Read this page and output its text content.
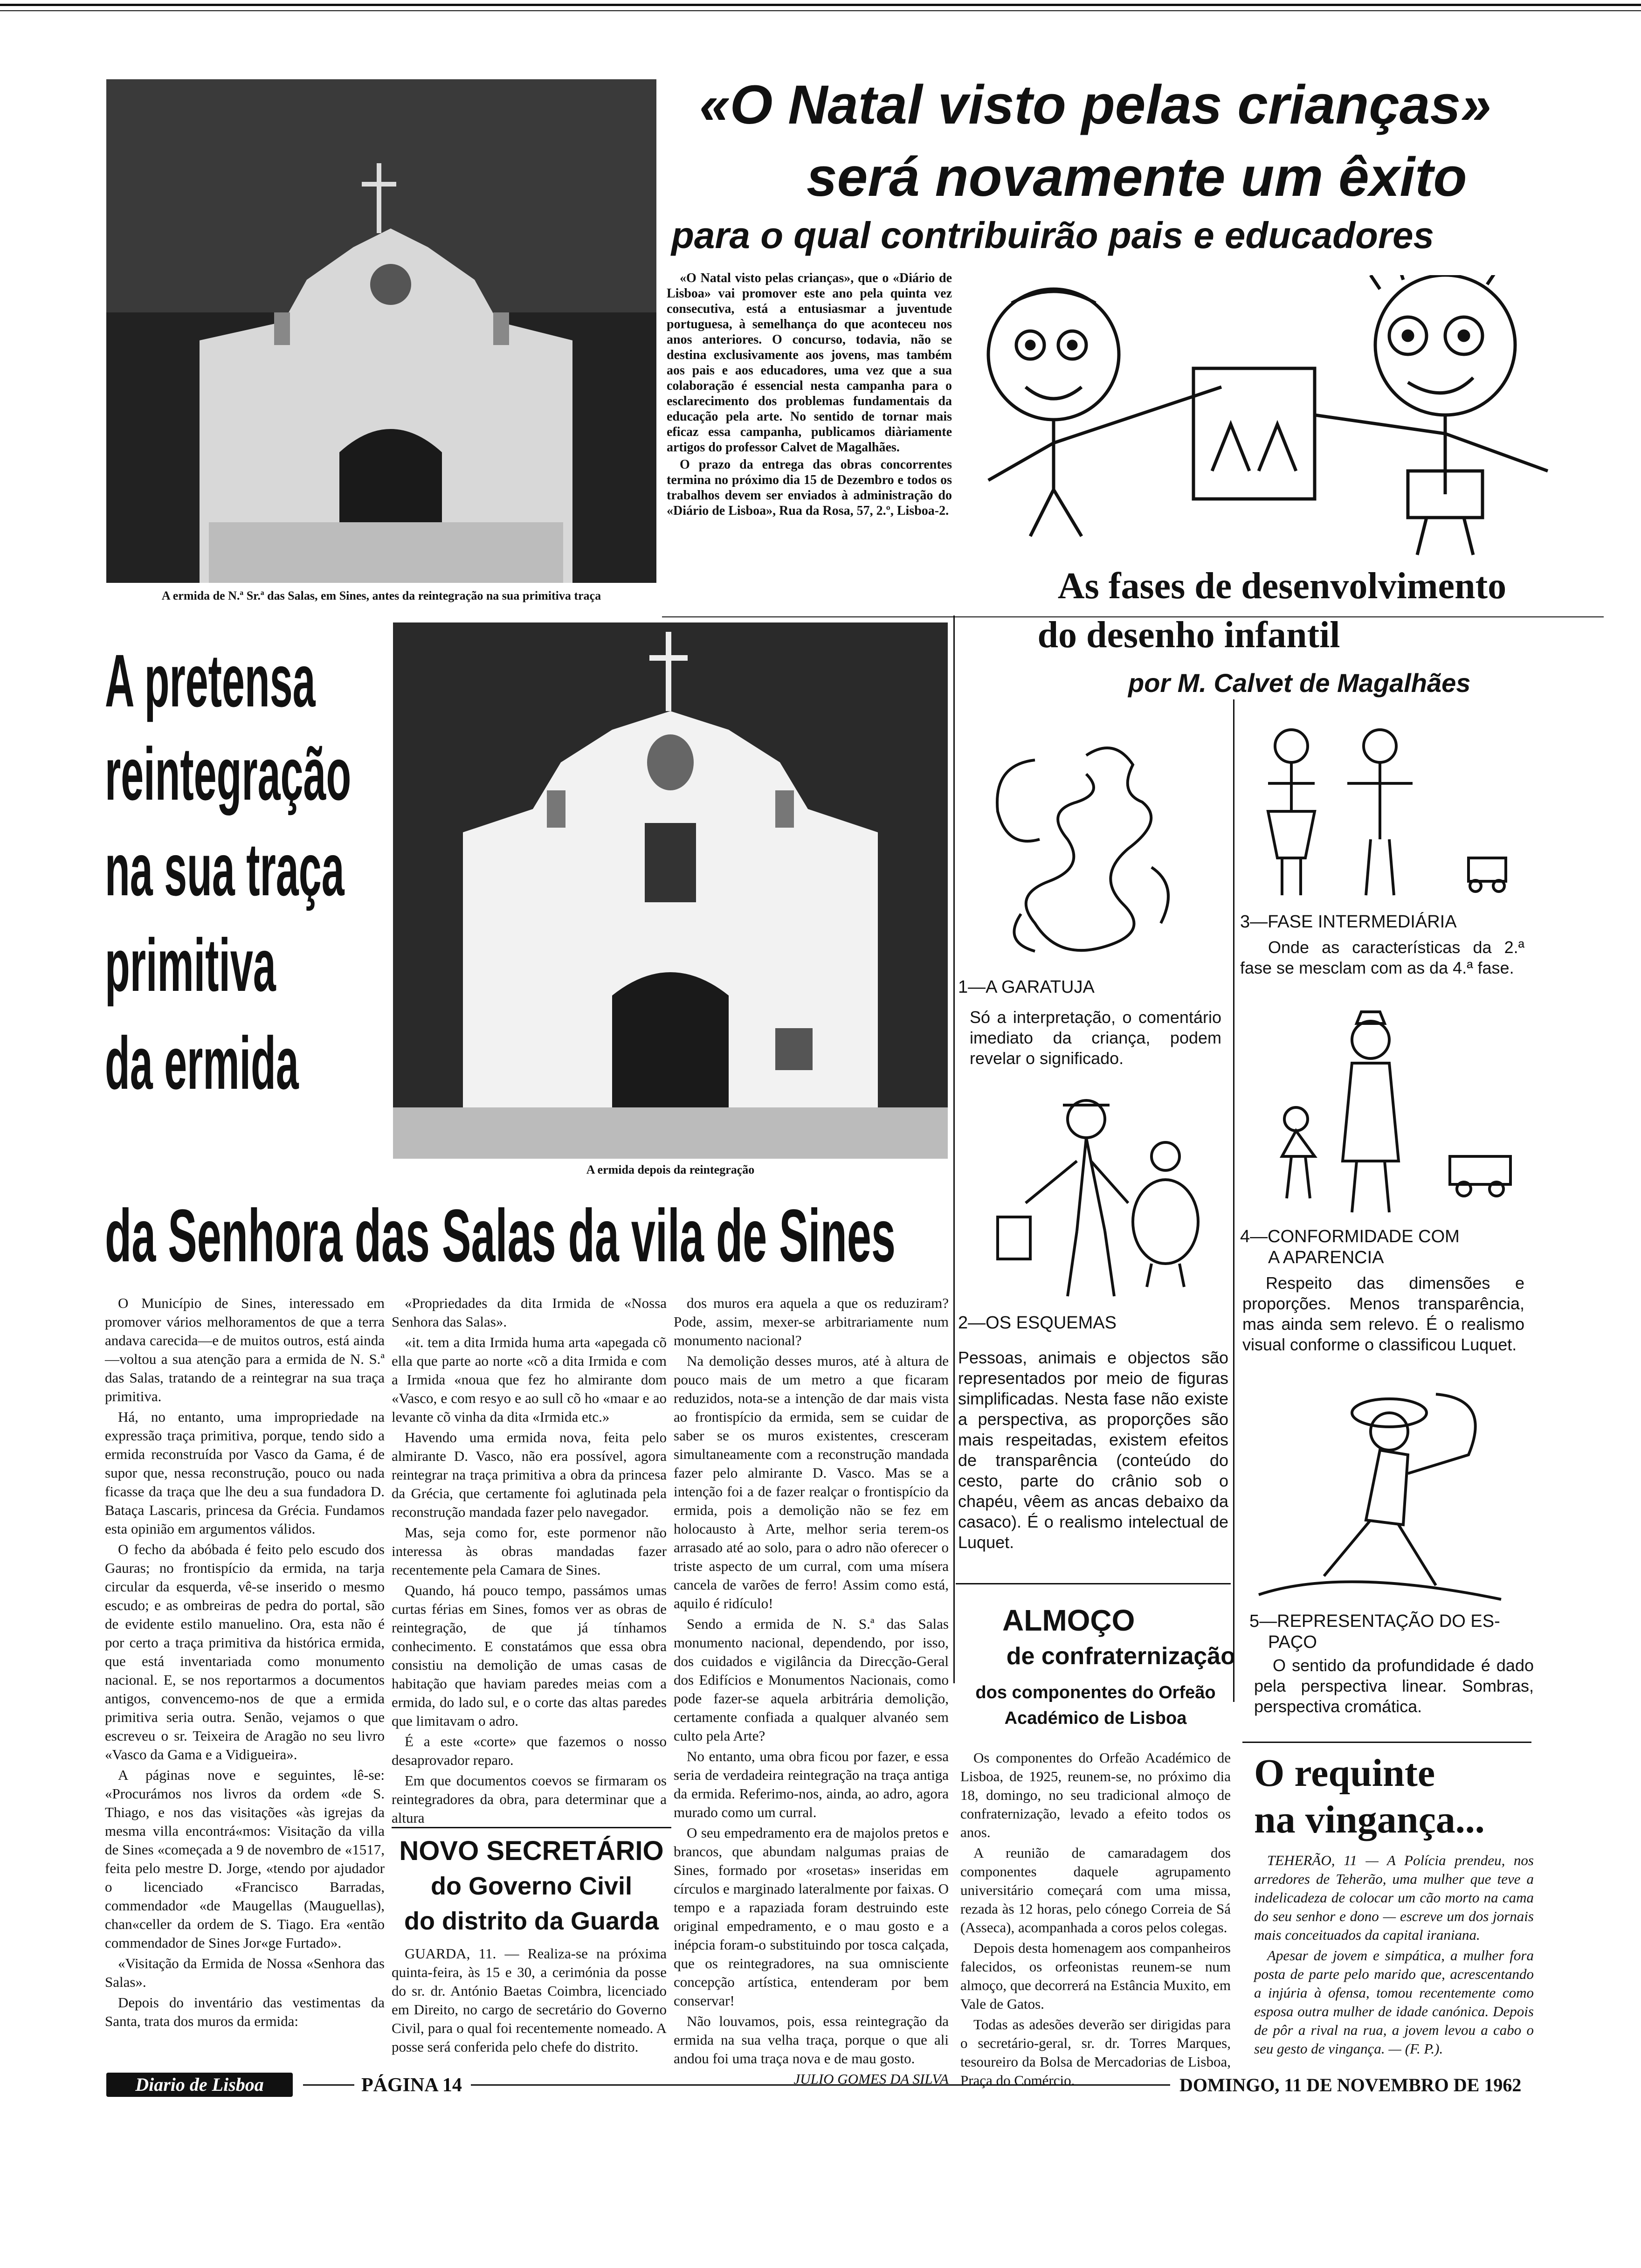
A ermida de N.ª Sr.ª das Salas, em Sines, antes da reintegração na sua primitiva traça
«O Natal visto pelas crianças»
será novamente um êxito
para o qual contribuirão pais e educadores

«O Natal visto pelas crianças», que o «Diário de Lisboa» vai promover este ano pela quinta vez consecutiva, está a entusiasmar a juventude portuguesa, à semelhança do que aconteceu nos anos anteriores. O concurso, todavia, não se destina exclusivamente aos jovens, mas também aos pais e aos educadores, uma vez que a sua colaboração é essencial nesta campanha para o esclarecimento dos problemas fundamentais da educação pela arte. No sentido de tornar mais eficaz essa campanha, publicamos diàriamente artigos do professor Calvet de Magalhães.

O prazo da entrega das obras concorrentes termina no próximo dia 15 de Dezembro e todos os trabalhos devem ser enviados à administração do «Diário de Lisboa», Rua da Rosa, 57, 2.º, Lisboa-2.

A ermida depois da reintegração
A pretensa
reintegração
na sua traça
primitiva
da ermida
da Senhora das Salas da vila de Sines

O Município de Sines, interessado em promover vários melhoramentos de que a terra andava carecida—e de muitos outros, está ainda—voltou a sua atenção para a ermida de N. S.ª das Salas, tratando de a reintegrar na sua traça primitiva.

Há, no entanto, uma impropriedade na expressão traça primitiva, porque, tendo sido a ermida reconstruída por Vasco da Gama, é de supor que, nessa reconstrução, pouco ou nada ficasse da traça que lhe deu a sua fundadora D. Bataça Lascaris, princesa da Grécia. Fundamos esta opinião em argumentos válidos.

O fecho da abóbada é feito pelo escudo dos Gauras; no frontispício da ermida, na tarja circular da esquerda, vê-se inserido o mesmo escudo; e as ombreiras de pedra do portal, são de evidente estilo manuelino. Ora, esta não é por certo a traça primitiva da histórica ermida, que está inventariada como monumento nacional. E, se nos reportarmos a documentos antigos, convencemo-nos de que a ermida primitiva seria outra. Senão, vejamos o que escreveu o sr. Teixeira de Aragão no seu livro «Vasco da Gama e a Vidigueira».

A páginas nove e seguintes, lê-se: «Procurámos nos livros da ordem «de S. Thiago, e nos das visitações «às igrejas da mesma villa encontrá«mos: Visitação da villa de Sines «começada a 9 de novembro de «1517, feita pelo mestre D. Jorge, «tendo por ajudador o licenciado «Francisco Barradas, commendador «de Maugellas (Mauguellas), chan«celler da ordem de S. Tiago. Era «então commendador de Sines Jor«ge Furtado».

«Visitação da Ermida de Nossa «Senhora das Salas».

Depois do inventário das vestimentas da Santa, trata dos muros da ermida:

«Propriedades da dita Irmida de «Nossa Senhora das Salas».

«it. tem a dita Irmida huma arta «apegada cõ ella que parte ao norte «cõ a dita Irmida e com a Irmida «noua que fez ho almirante dom «Vasco, e com resyo e ao sull cõ ho «maar e ao levante cõ vinha da dita «Irmida etc.»

Havendo uma ermida nova, feita pelo almirante D. Vasco, não era possível, agora reintegrar na traça primitiva a obra da princesa da Grécia, que certamente foi aglutinada pela reconstrução mandada fazer pelo navegador.

Mas, seja como for, este pormenor não interessa às obras mandadas fazer recentemente pela Camara de Sines.

Quando, há pouco tempo, passámos umas curtas férias em Sines, fomos ver as obras de reintegração, de que já tínhamos conhecimento. E constatámos que essa obra consistiu na demolição de umas casas de habitação que haviam paredes meias com a ermida, do lado sul, e o corte das altas paredes que limitavam o adro.

É a este «corte» que fazemos o nosso desaprovador reparo.

Em que documentos coevos se firmaram os reintegradores da obra, para determinar que a altura

dos muros era aquela a que os reduziram? Pode, assim, mexer-se arbitrariamente num monumento nacional?

Na demolição desses muros, até à altura de pouco mais de um metro a que ficaram reduzidos, nota-se a intenção de dar mais vista ao frontispício da ermida, sem se cuidar de saber se os muros existentes, cresceram simultaneamente com a reconstrução mandada fazer pelo almirante D. Vasco. Mas se a intenção foi a de fazer realçar o frontispício da ermida, pois a demolição não se fez em holocausto à Arte, melhor seria terem-os arrasado até ao solo, para o adro não oferecer o triste aspecto de um curral, com uma mísera cancela de varões de ferro! Assim como está, aquilo é ridículo!

Sendo a ermida de N. S.ª das Salas monumento nacional, dependendo, por isso, dos cuidados e vigilância da Direcção-Geral dos Edifícios e Monumentos Nacionais, como pode fazer-se aquela arbitrária demolição, certamente confiada a qualquer alvanéo sem culto pela Arte?

No entanto, uma obra ficou por fazer, e essa seria de verdadeira reintegração na traça antiga da ermida. Referimo-nos, ainda, ao adro, agora murado como um curral.

O seu empedramento era de majolos pretos e brancos, que abundam nalgumas praias de Sines, formado por «rosetas» inseridas em círculos e marginado lateralmente por faixas. O tempo e a rapaziada foram destruindo este original empedramento, e o mau gosto e a inépcia foram-o substituindo por tosca calçada, que os reintegradores, na sua omnisciente concepção artística, entenderam por bem conservar!

Não louvamos, pois, essa reintegração da ermida na sua velha traça, porque o que ali andou foi uma traça nova e de mau gosto.

JULIO GOMES DA SILVA
NOVO SECRETÁRIO
do Governo Civil
do distrito da Guarda

GUARDA, 11. — Realiza-se na próxima quinta-feira, às 15 e 30, a cerimónia da posse do sr. dr. António Baetas Coimbra, licenciado em Direito, no cargo de secretário do Governo Civil, para o qual foi recentemente nomeado. A posse será conferida pelo chefe do distrito.

As fases de desenvolvimento
do desenho infantil
por M. Calvet de Magalhães
1—A GARATUJA
Só a interpretação, o comentário imediato da criança, podem revelar o significado.
2—OS ESQUEMAS
Pessoas, animais e objectos são representados por meio de figuras simplificadas. Nesta fase não existe a perspectiva, as proporções são mais respeitadas, existem efeitos de transparência (conteúdo do cesto, parte do crânio sob o chapéu, vêem as ancas debaixo da casaco). É o realismo intelectual de Luquet.
3—FASE INTERMEDIÁRIA
Onde as características da 2.ª fase se mesclam com as da 4.ª fase.
4—CONFORMIDADE COM
A APARENCIA
Respeito das dimensões e proporções. Menos transparência, mas ainda sem relevo. É o realismo visual conforme o classificou Luquet.
5—REPRESENTAÇÃO DO ES-
PAÇO
O sentido da profundidade é dado pela perspectiva linear. Sombras, perspectiva cromática.
ALMOÇO
de confraternização
dos componentes do Orfeão
Académico de Lisboa

Os componentes do Orfeão Académico de Lisboa, de 1925, reunem-se, no próximo dia 18, domingo, no seu tradicional almoço de confraternização, levado a efeito todos os anos.

A reunião de camaradagem dos componentes daquele agrupamento universitário começará com uma missa, rezada às 12 horas, pelo cónego Correia de Sá (Asseca), acompanhada a coros pelos colegas.

Depois desta homenagem aos companheiros falecidos, os orfeonistas reunem-se num almoço, que decorrerá na Estância Muxito, em Vale de Gatos.

Todas as adesões deverão ser dirigidas para o secretário-geral, sr. dr. Torres Marques, tesoureiro da Bolsa de Mercadorias de Lisboa, Praça do Comércio.

O requinte
na vingança...

TEHERÃO, 11 — A Polícia prendeu, nos arredores de Teherão, uma mulher que teve a indelicadeza de colocar um cão morto na cama do seu senhor e dono — escreve um dos jornais mais conceituados da capital iraniana.

Apesar de jovem e simpática, a mulher fora posta de parte pelo marido que, acrescentando a injúria à ofensa, tomou recentemente como esposa outra mulher de idade canónica. Depois de pôr a rival na rua, a jovem levou a cabo o seu gesto de vingança. — (F. P.).

Diario de Lisboa	PÁGINA 14	DOMINGO, 11 DE NOVEMBRO DE 1962
